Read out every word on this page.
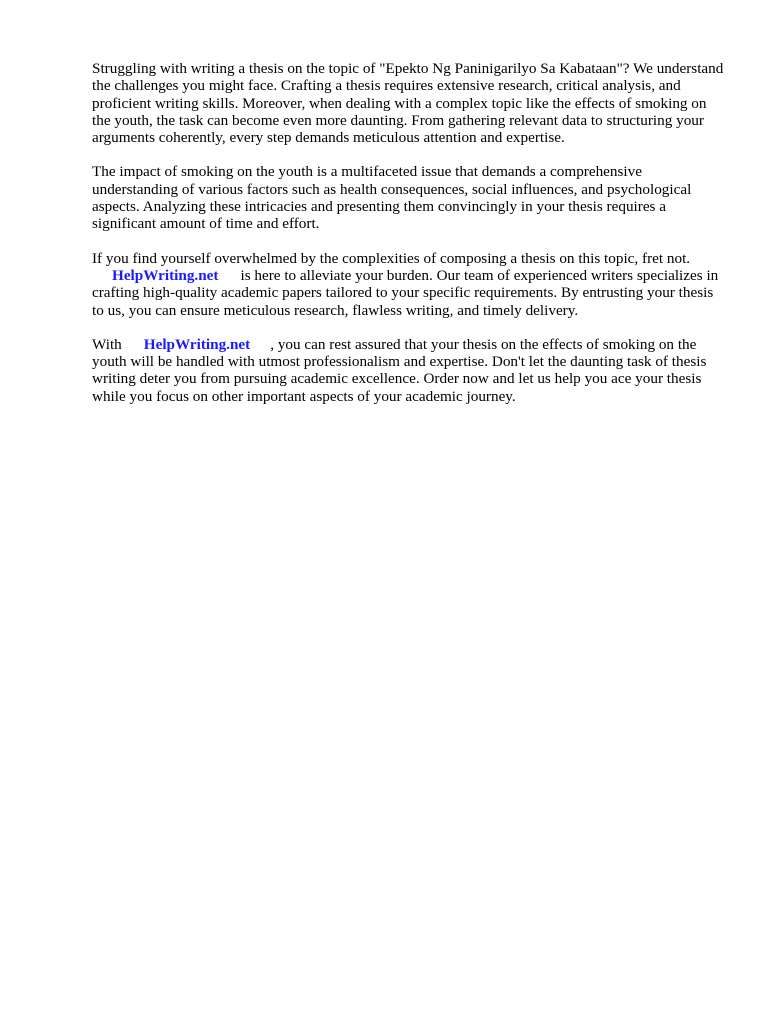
Struggling with writing a thesis on the topic of "Epekto Ng Paninigarilyo Sa Kabataan"? We understand the challenges you might face. Crafting a thesis requires extensive research, critical analysis, and proficient writing skills. Moreover, when dealing with a complex topic like the effects of smoking on the youth, the task can become even more daunting. From gathering relevant data to structuring your arguments coherently, every step demands meticulous attention and expertise.

The impact of smoking on the youth is a multifaceted issue that demands a comprehensive understanding of various factors such as health consequences, social influences, and psychological aspects. Analyzing these intricacies and presenting them convincingly in your thesis requires a significant amount of time and effort.

If you find yourself overwhelmed by the complexities of composing a thesis on this topic, fret not. HelpWriting.net is here to alleviate your burden. Our team of experienced writers specializes in crafting high-quality academic papers tailored to your specific requirements. By entrusting your thesis to us, you can ensure meticulous research, flawless writing, and timely delivery.

With HelpWriting.net , you can rest assured that your thesis on the effects of smoking on the youth will be handled with utmost professionalism and expertise. Don't let the daunting task of thesis writing deter you from pursuing academic excellence. Order now and let us help you ace your thesis while you focus on other important aspects of your academic journey.
